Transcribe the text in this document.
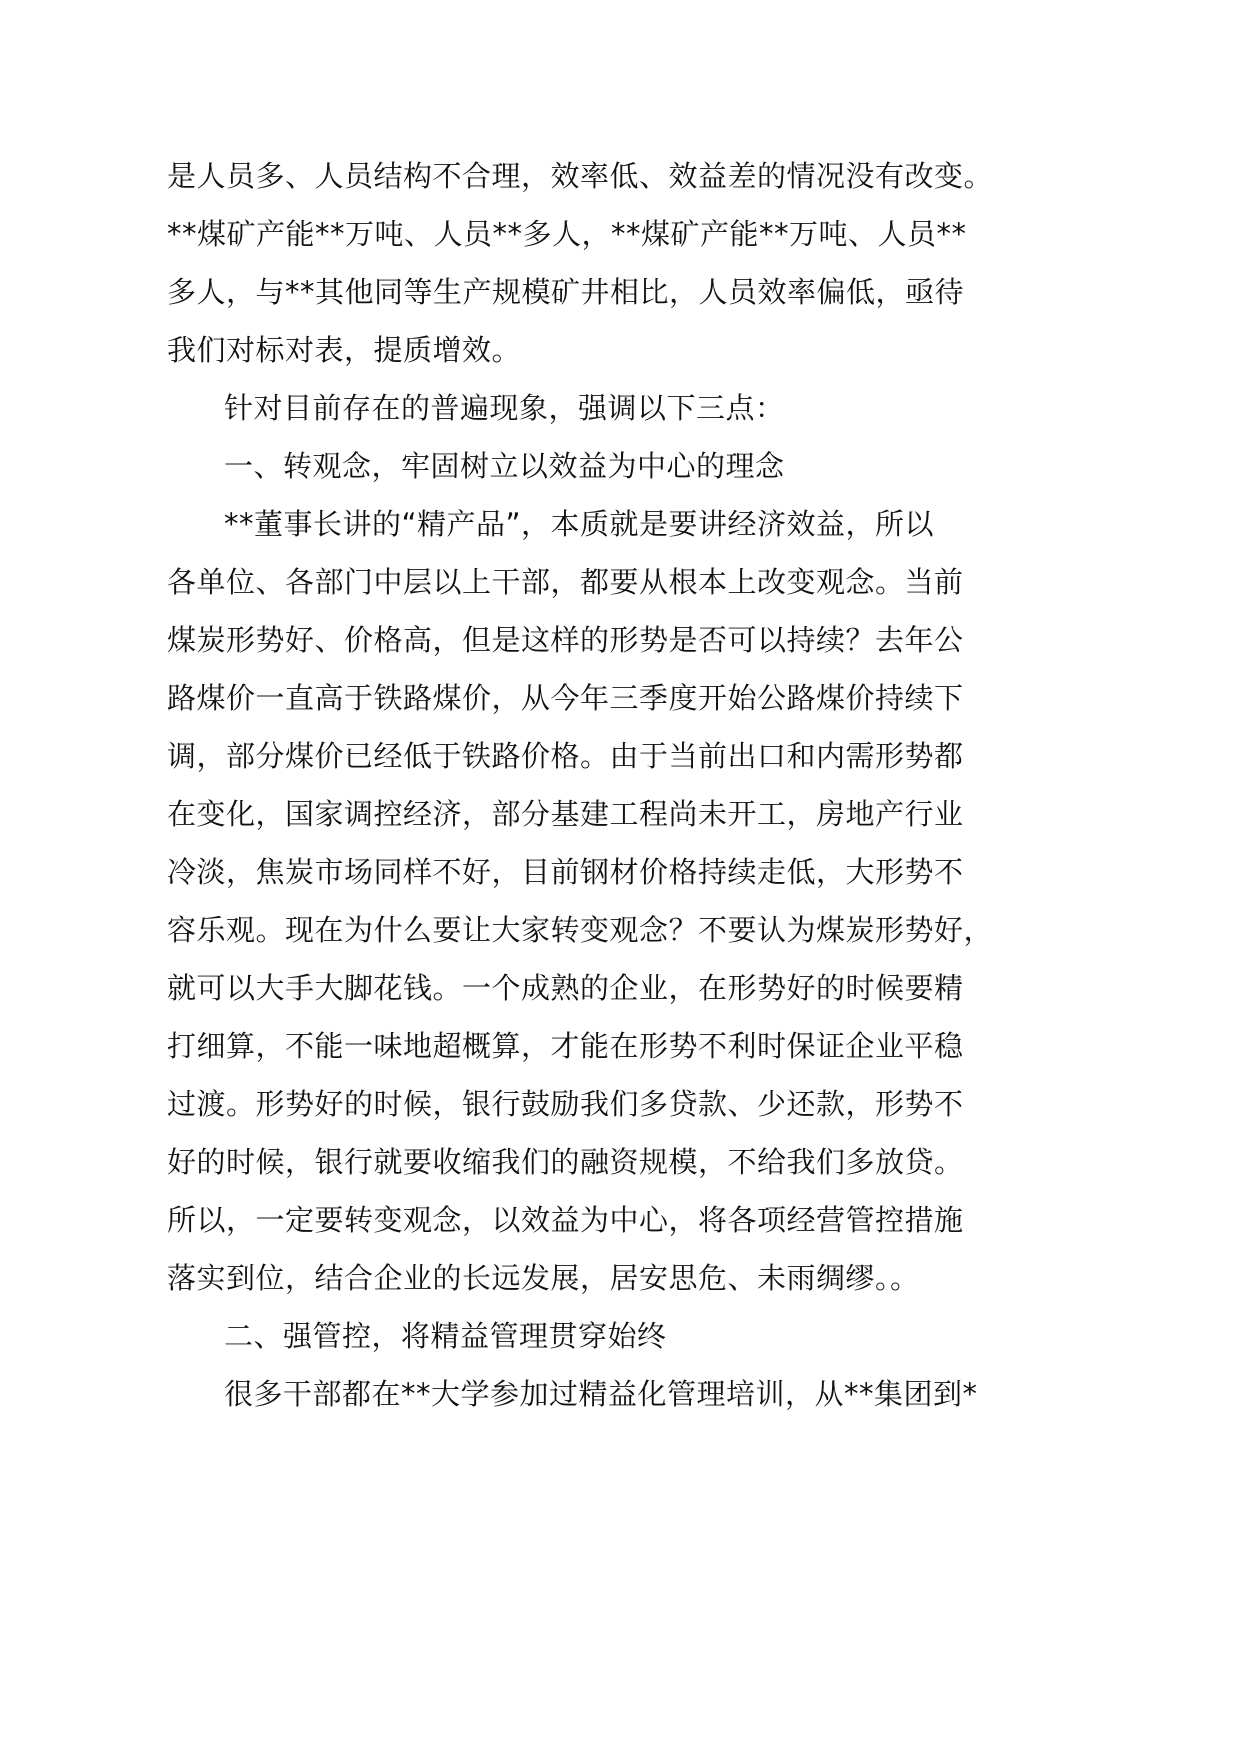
是人员多、人员结构不合理，效率低、效益差的情况没有改变。
**煤矿产能**万吨、人员**多人，**煤矿产能**万吨、人员**
多人，与**其他同等生产规模矿井相比，人员效率偏低，亟待
我们对标对表，提质增效。
针对目前存在的普遍现象，强调以下三点：
一、转观念，牢固树立以效益为中心的理念
**董事长讲的“精产品”，本质就是要讲经济效益，所以
各单位、各部门中层以上干部，都要从根本上改变观念。当前
煤炭形势好、价格高，但是这样的形势是否可以持续？去年公
路煤价一直高于铁路煤价，从今年三季度开始公路煤价持续下
调，部分煤价已经低于铁路价格。由于当前出口和内需形势都
在变化，国家调控经济，部分基建工程尚未开工，房地产行业
冷淡，焦炭市场同样不好，目前钢材价格持续走低，大形势不
容乐观。现在为什么要让大家转变观念？不要认为煤炭形势好，
就可以大手大脚花钱。一个成熟的企业，在形势好的时候要精
打细算，不能一味地超概算，才能在形势不利时保证企业平稳
过渡。形势好的时候，银行鼓励我们多贷款、少还款，形势不
好的时候，银行就要收缩我们的融资规模，不给我们多放贷。
所以，一定要转变观念，以效益为中心，将各项经营管控措施
落实到位，结合企业的长远发展，居安思危、未雨绸缪。。
二、强管控，将精益管理贯穿始终
很多干部都在**大学参加过精益化管理培训，从**集团到*
